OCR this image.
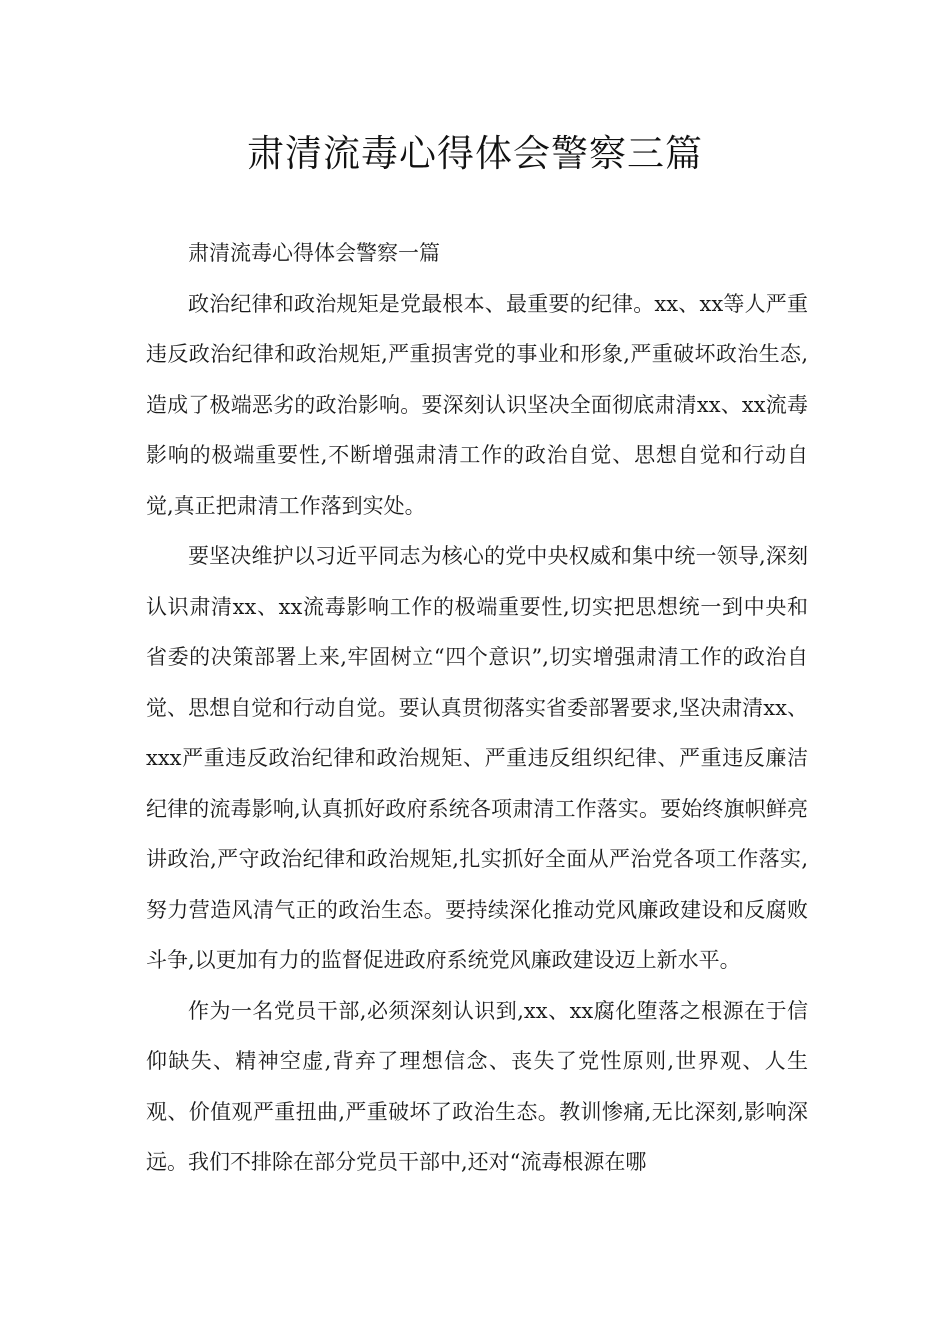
肃清流毒心得体会警察三篇

肃清流毒心得体会警察一篇

政治纪律和政治规矩是党最根本、最重要的纪律。xx、xx等人严重违反政治纪律和政治规矩,严重损害党的事业和形象,严重破坏政治生态,造成了极端恶劣的政治影响。要深刻认识坚决全面彻底肃清xx、xx流毒影响的极端重要性,不断增强肃清工作的政治自觉、思想自觉和行动自觉,真正把肃清工作落到实处。

要坚决维护以习近平同志为核心的党中央权威和集中统一领导,深刻认识肃清xx、xx流毒影响工作的极端重要性,切实把思想统一到中央和省委的决策部署上来,牢固树立“四个意识”,切实增强肃清工作的政治自觉、思想自觉和行动自觉。要认真贯彻落实省委部署要求,坚决肃清xx、xxx严重违反政治纪律和政治规矩、严重违反组织纪律、严重违反廉洁纪律的流毒影响,认真抓好政府系统各项肃清工作落实。要始终旗帜鲜亮讲政治,严守政治纪律和政治规矩,扎实抓好全面从严治党各项工作落实,努力营造风清气正的政治生态。要持续深化推动党风廉政建设和反腐败斗争,以更加有力的监督促进政府系统党风廉政建设迈上新水平。

作为一名党员干部,必须深刻认识到,xx、xx腐化堕落之根源在于信仰缺失、精神空虚,背弃了理想信念、丧失了党性原则,世界观、人生观、价值观严重扭曲,严重破坏了政治生态。教训惨痛,无比深刻,影响深远。我们不排除在部分党员干部中,还对“流毒根源在哪
